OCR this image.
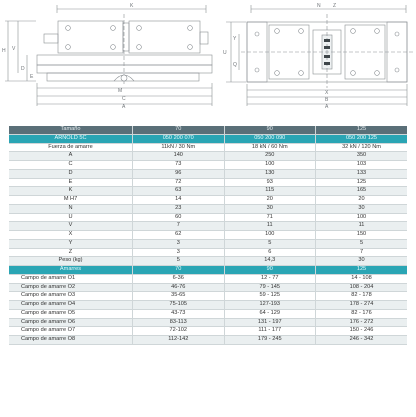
K
H V
D
E
M
C
A
N Z
Y
U
Q
X
B
A
Tamaño	70	90	125
ARNOLD 5C	050 200 070	050 200 090	050 200 125
Fuerza de amarre	11kN / 30 Nm	18 kN / 60 Nm	32 kN / 120 Nm
A	140	250	350
C	73	100	103
D	96	130	133
E	72	93	125
K	63	115	165
M H7	14	20	20
N	23	30	30
U	60	71	100
V	7	11	11
X	62	100	150
Y	3	5	5
Z	3	6	7
Peso (kg)	5	14,3	30
Amarres	70	90	125
Campo de amarre O1	6-36	12 - 77	14 - 108
Campo de amarre O2	46-76	79 - 145	108 - 204
Campo de amarre O3	35-65	59 - 125	82 - 178
Campo de amarre O4	75-105	127-193	178 - 274
Campo de amarre O5	43-73	64 - 129	82 - 176
Campo de amarre O6	83-113	131 - 197	176 - 272
Campo de amarre O7	72-102	111 - 177	150 - 246
Campo de amarre O8	112-142	179 - 245	246 - 342
